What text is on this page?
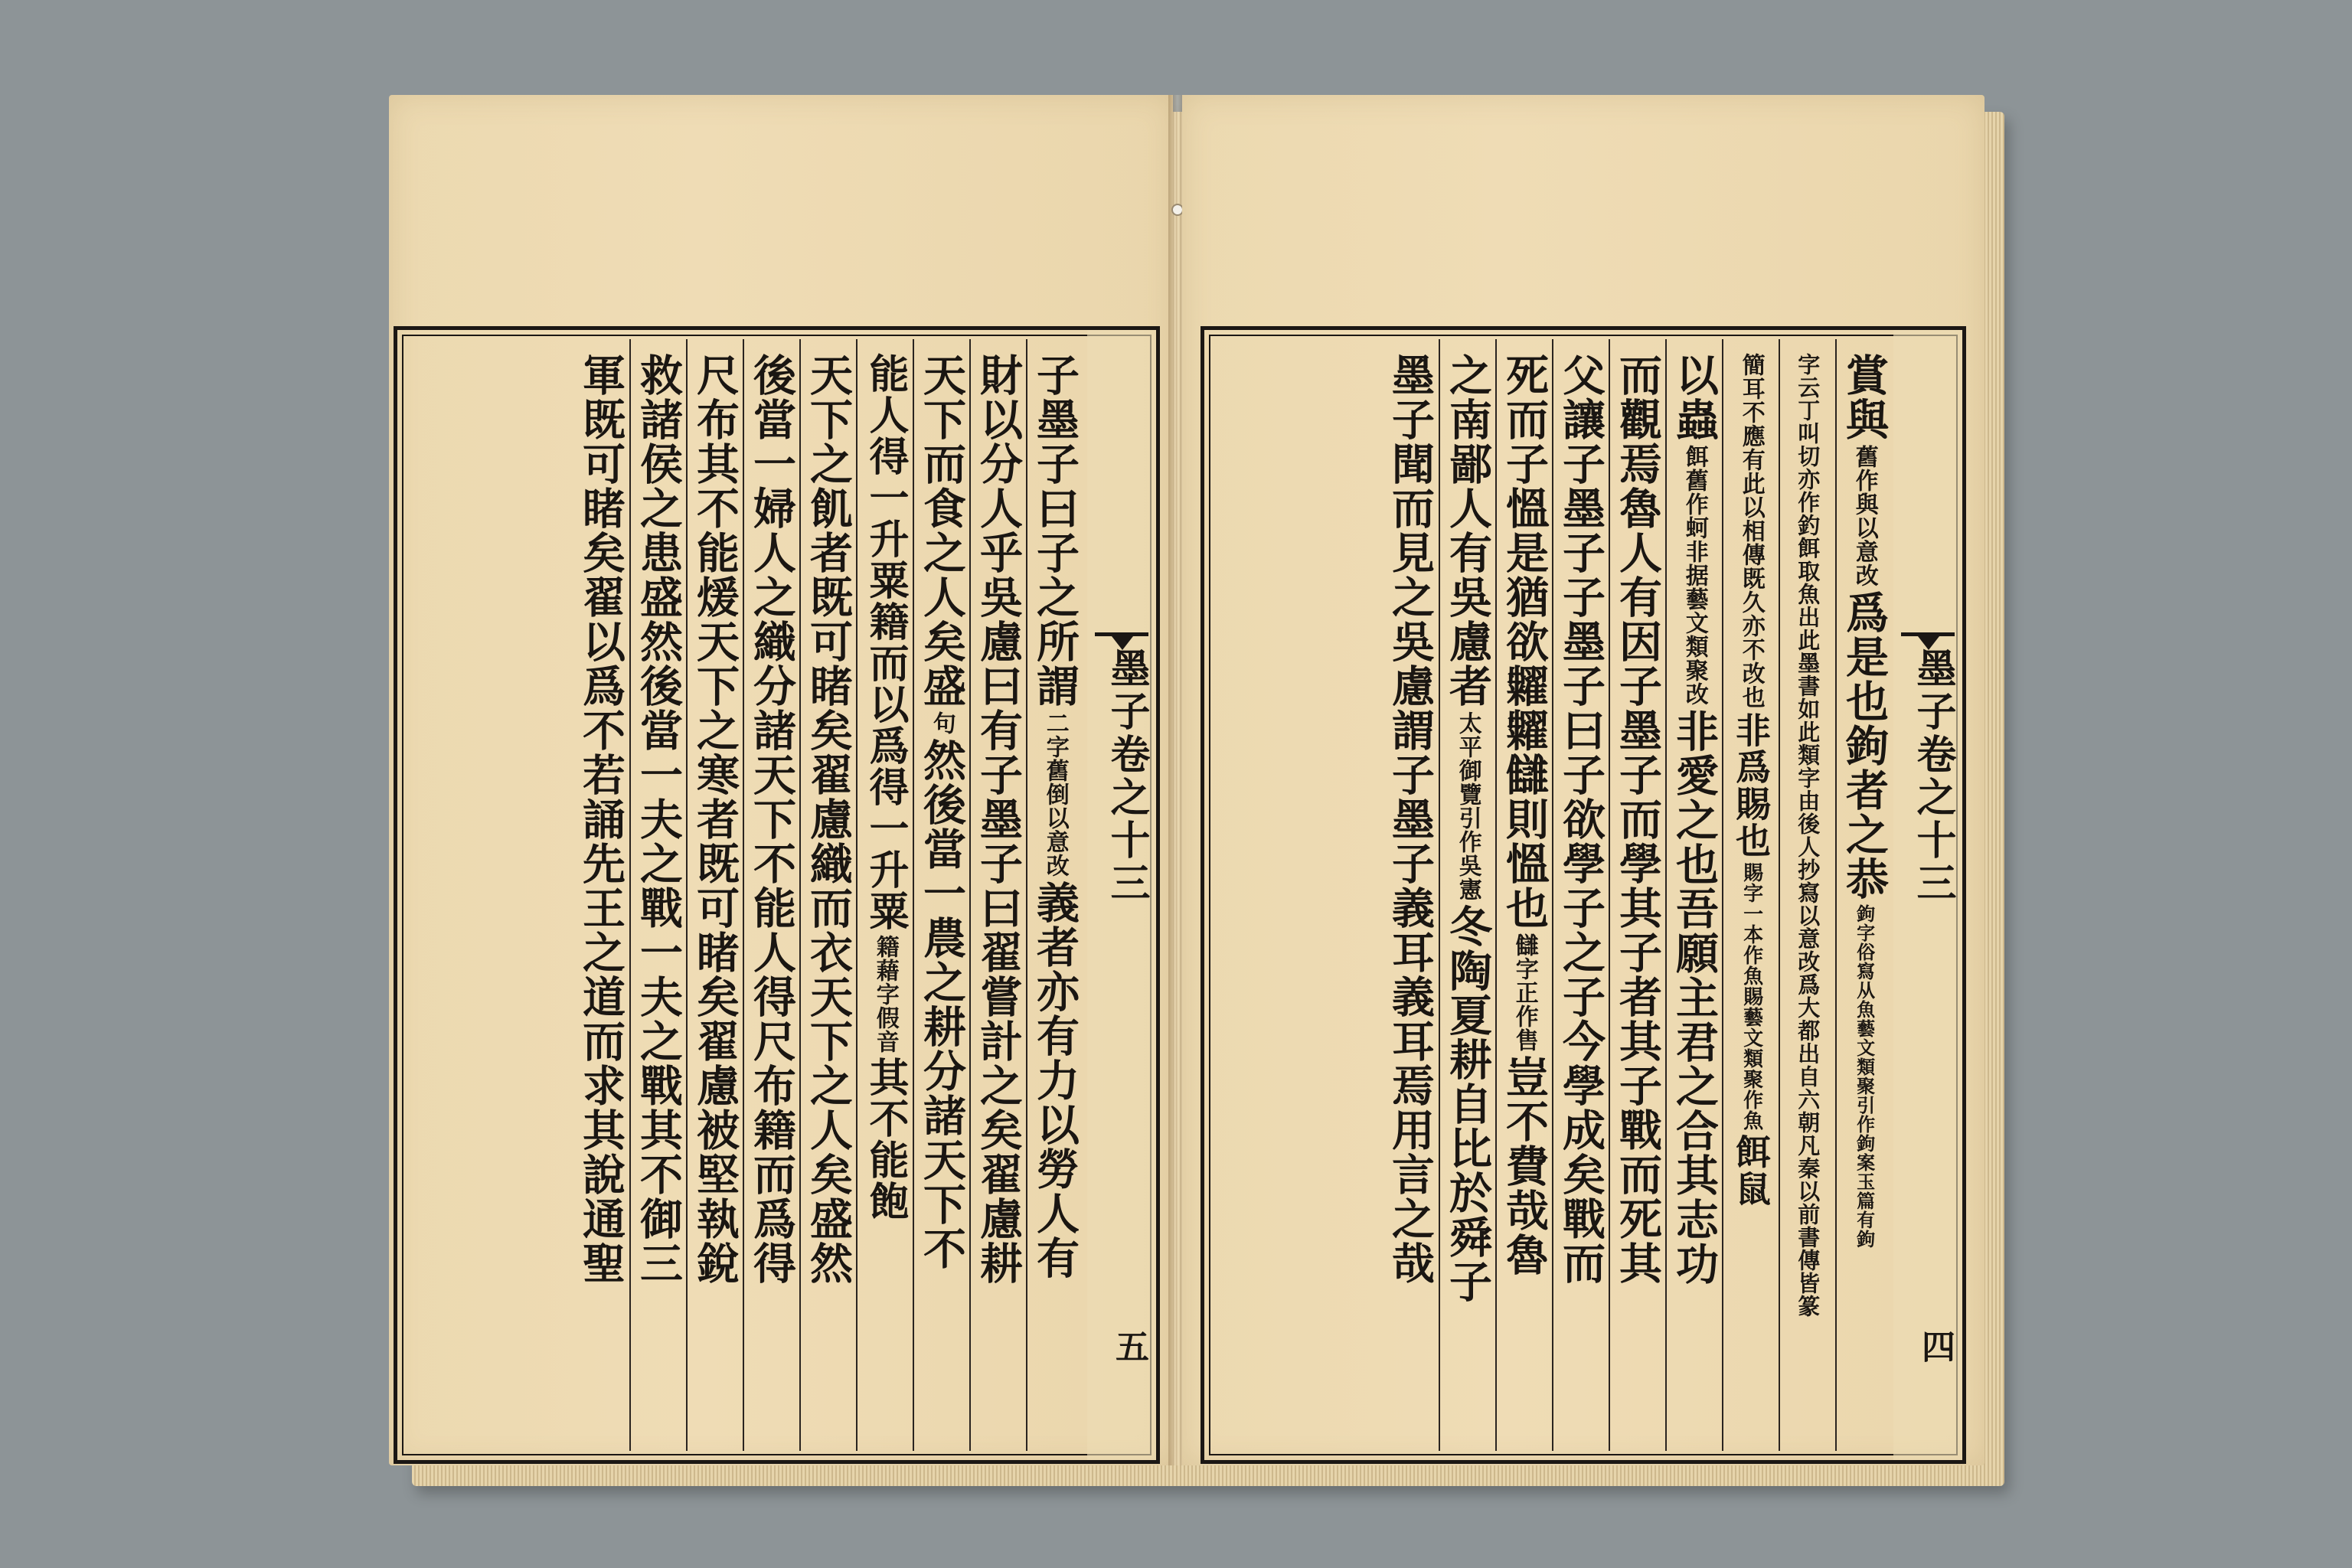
墨子卷之十三
五
子墨子曰子之所謂
二字舊倒以意改
義者亦有力以勞人有
財以分人乎吳慮曰有子墨子曰翟嘗計之矣翟慮耕
天下而食之人矣盛
句
然後當一農之耕分諸天下不
能人得一升粟籍而以爲得一升粟
籍藉字假音
其不能飽
天下之飢者既可睹矣翟慮織而衣天下之人矣盛然
後當一婦人之織分諸天下不能人得尺布籍而爲得
尺布其不能煖天下之寒者既可睹矣翟慮被堅執銳
救諸侯之患盛然後當一夫之戰一夫之戰其不御三
軍既可睹矣翟以爲不若誦先王之道而求其說通聖	墨子卷之十三
四
賞與
舊作與以意改
爲是也鉤者之恭
鉤字俗寫从魚藝文類聚引作鉤案玉篇有鉤
字云丁叫切亦作釣餌取魚出此墨書如此類字由後人抄寫以意改爲大都出自六朝凡秦以前書傳皆篆
簡耳不應有此以相傳既久亦不改也
非爲賜也
賜字一本作魚賜藝文類聚作魚
餌鼠
以蟲
餌舊作蚵非据藝文類聚改
非愛之也吾願主君之合其志功
而觀焉魯人有因子墨子而學其子者其子戰而死其
父讓子墨子子墨子曰子欲學子之子今學成矣戰而
死而子慍是猶欲糶糶讎則慍也
讎字正作售
豈不費哉魯
之南鄙人有吳慮者
太平御覽引作吳憲
冬陶夏耕自比於舜子
墨子聞而見之吳慮謂子墨子義耳義耳焉用言之哉
